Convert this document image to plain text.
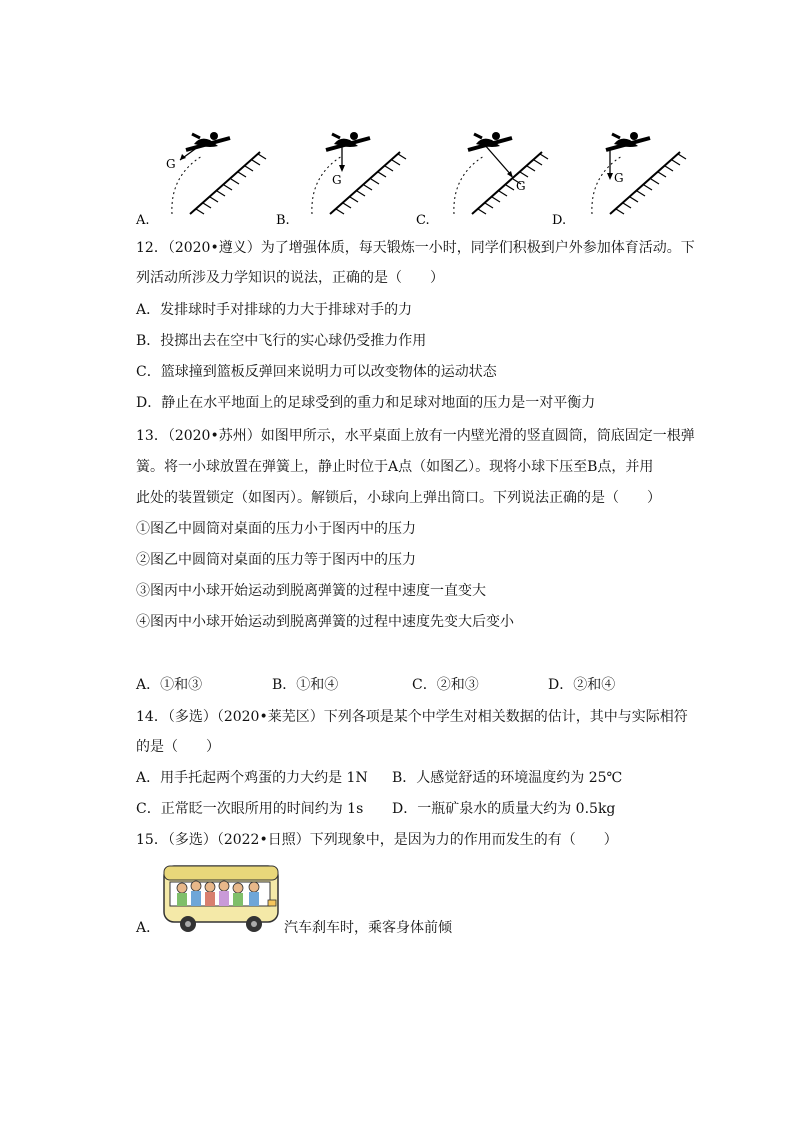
G
A.
G
B.
G
C.
G
D.
12．（2020•遵义）为了增强体质，每天锻炼一小时，同学们积极到户外参加体育活动。下
列活动所涉及力学知识的说法，正确的是（　　）
A．发排球时手对排球的力大于排球对手的力
B．投掷出去在空中飞行的实心球仍受推力作用
C．篮球撞到篮板反弹回来说明力可以改变物体的运动状态
D．静止在水平地面上的足球受到的重力和足球对地面的压力是一对平衡力
13．（2020•苏州）如图甲所示，水平桌面上放有一内壁光滑的竖直圆筒，筒底固定一根弹
簧。将一小球放置在弹簧上，静止时位于A点（如图乙）。现将小球下压至B点，并用
此处的装置锁定（如图丙）。解锁后，小球向上弹出筒口。下列说法正确的是（　　）
①图乙中圆筒对桌面的压力小于图丙中的压力
②图乙中圆筒对桌面的压力等于图丙中的压力
③图丙中小球开始运动到脱离弹簧的过程中速度一直变大
④图丙中小球开始运动到脱离弹簧的过程中速度先变大后变小
A．①和③	B．①和④	C．②和③	D．②和④
14．（多选）（2020•莱芜区）下列各项是某个中学生对相关数据的估计，其中与实际相符
的是（　　）
A．用手托起两个鸡蛋的力大约是 1N B．人感觉舒适的环境温度约为 25℃
C．正常眨一次眼所用的时间约为 1s D．一瓶矿泉水的质量大约为 0.5kg
15．（多选）（2022•日照）下列现象中，是因为力的作用而发生的有（　　）
A．	汽车刹车时，乘客身体前倾
